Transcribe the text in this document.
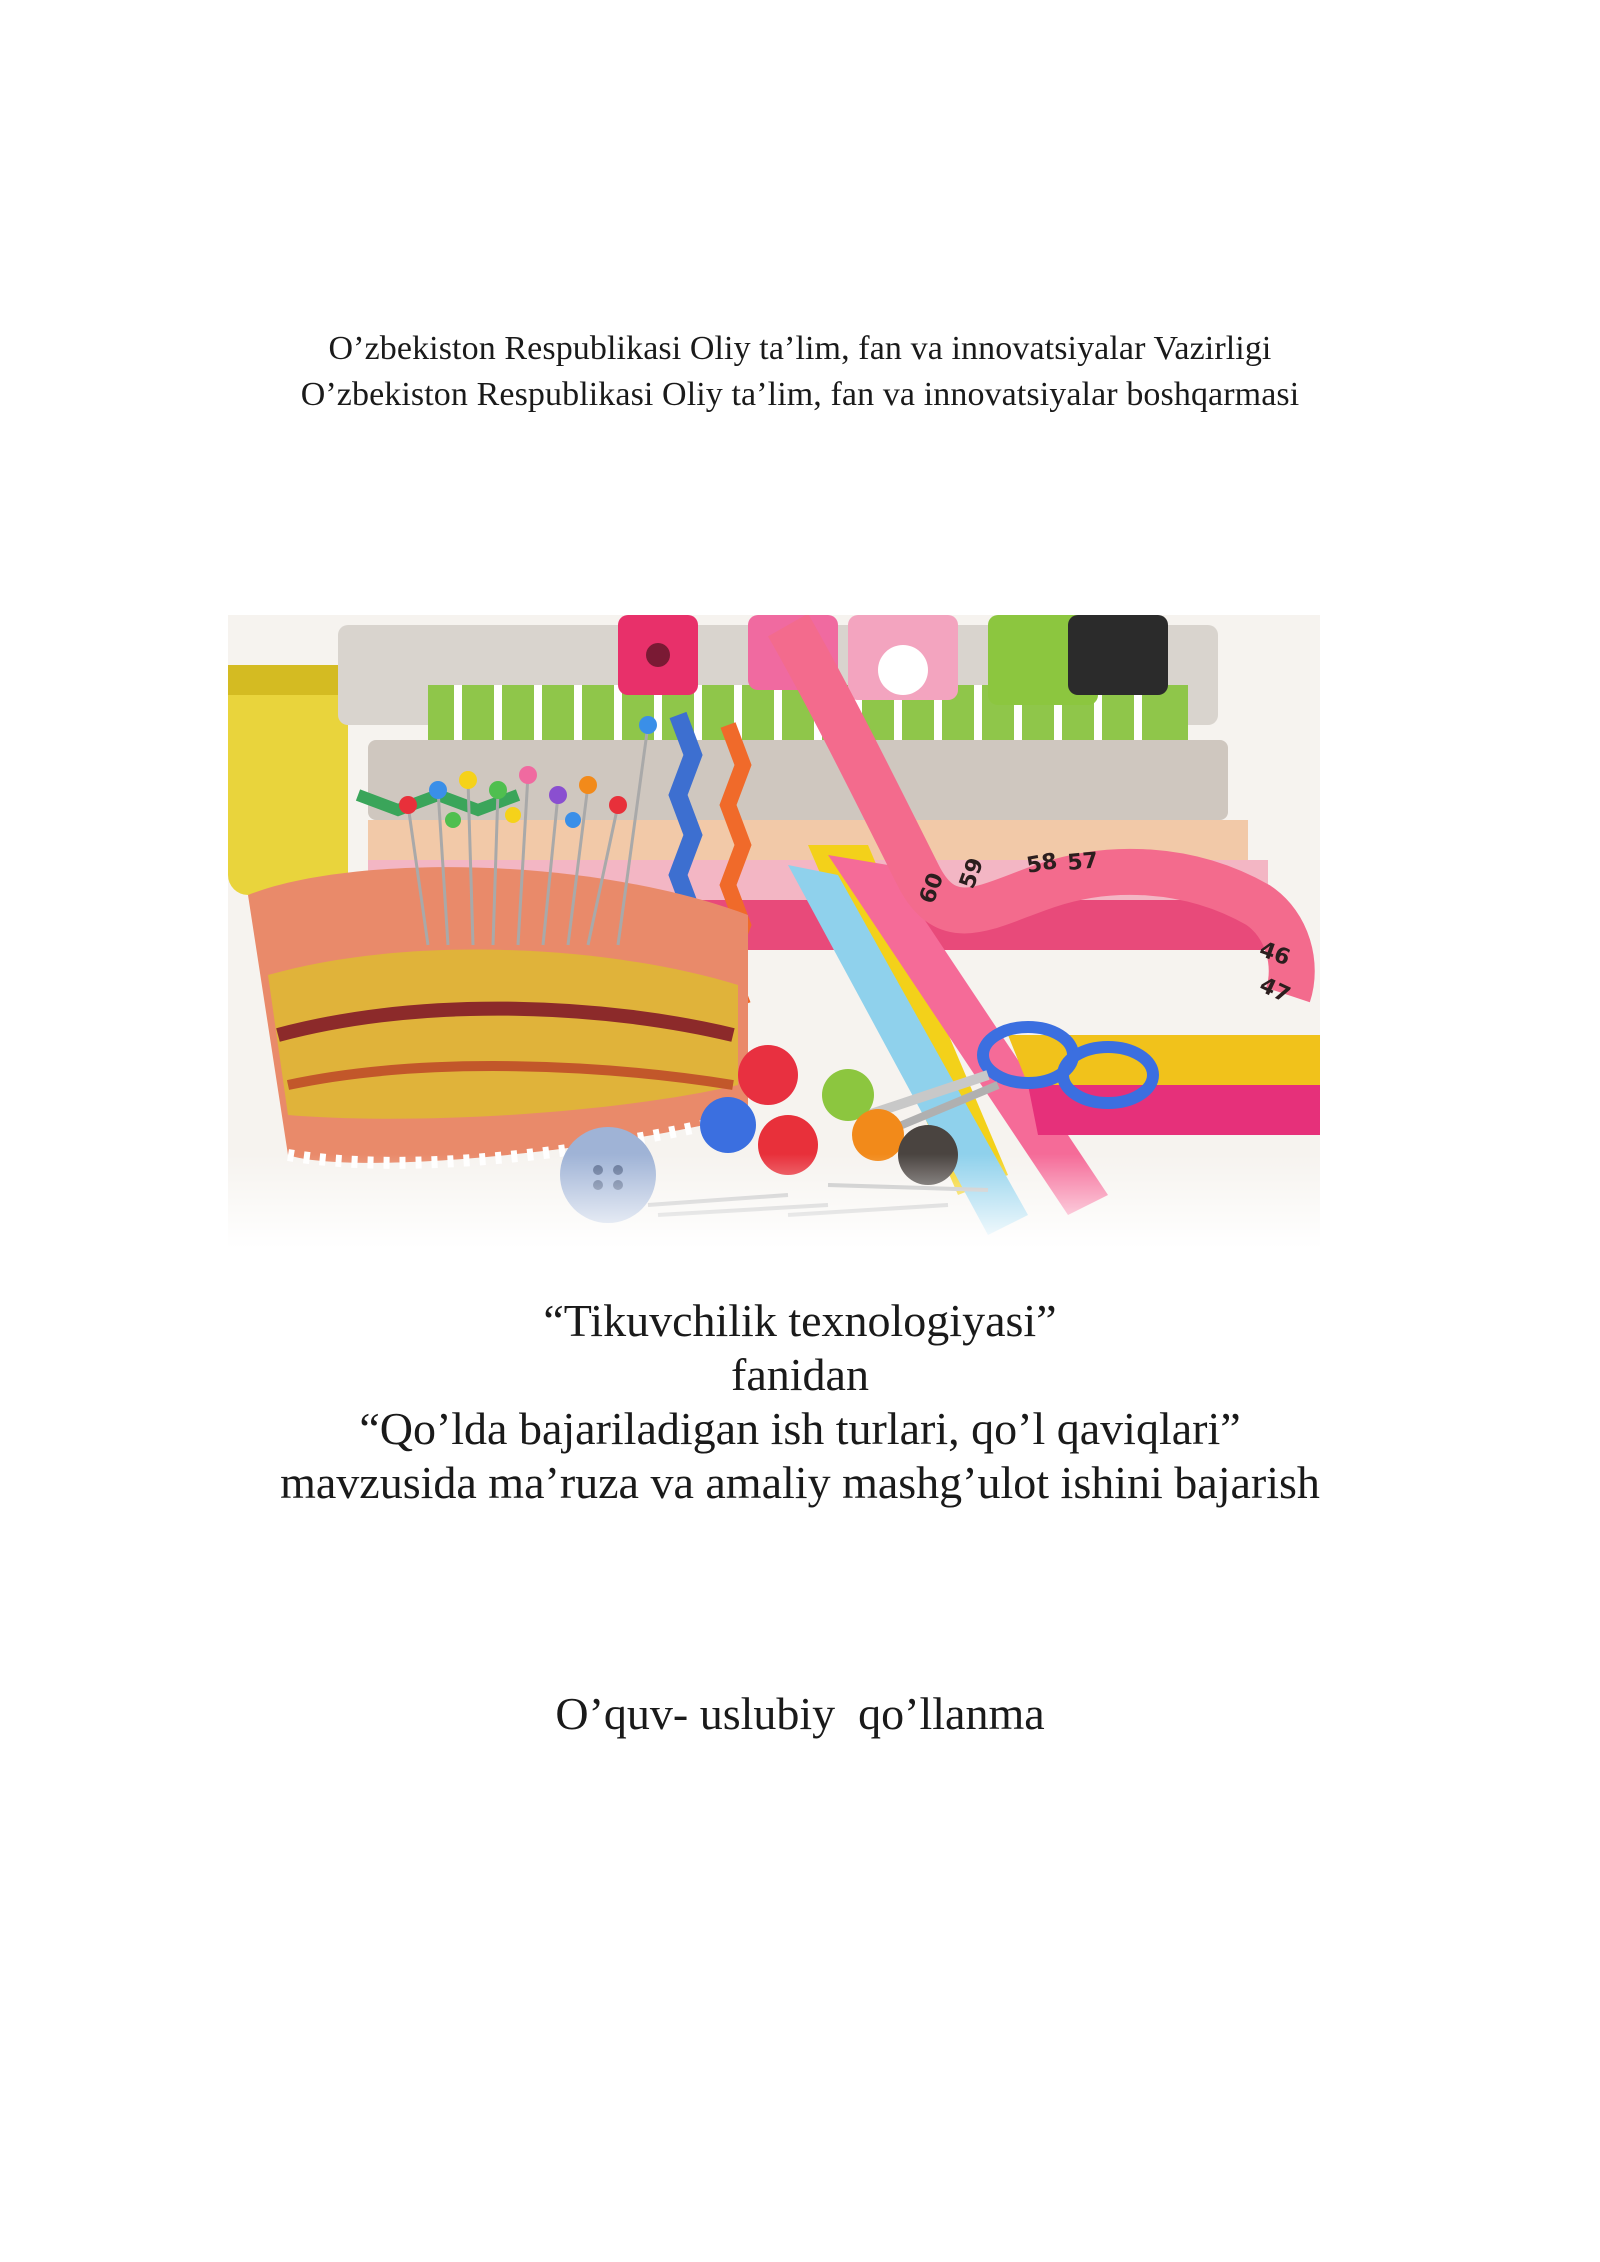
O’zbekiston Respublikasi Oliy ta’lim, fan va innovatsiyalar Vazirligi
O’zbekiston Respublikasi Oliy ta’lim, fan va innovatsiyalar boshqarmasi
“Tikuvchilik texnologiyasi”
fanidan
“Qo’lda bajariladigan ish turlari, qo’l qaviqlari”
mavzusida ma’ruza va amaliy mashg’ulot ishini bajarish
O’quv- uslubiy  qo’llanma
